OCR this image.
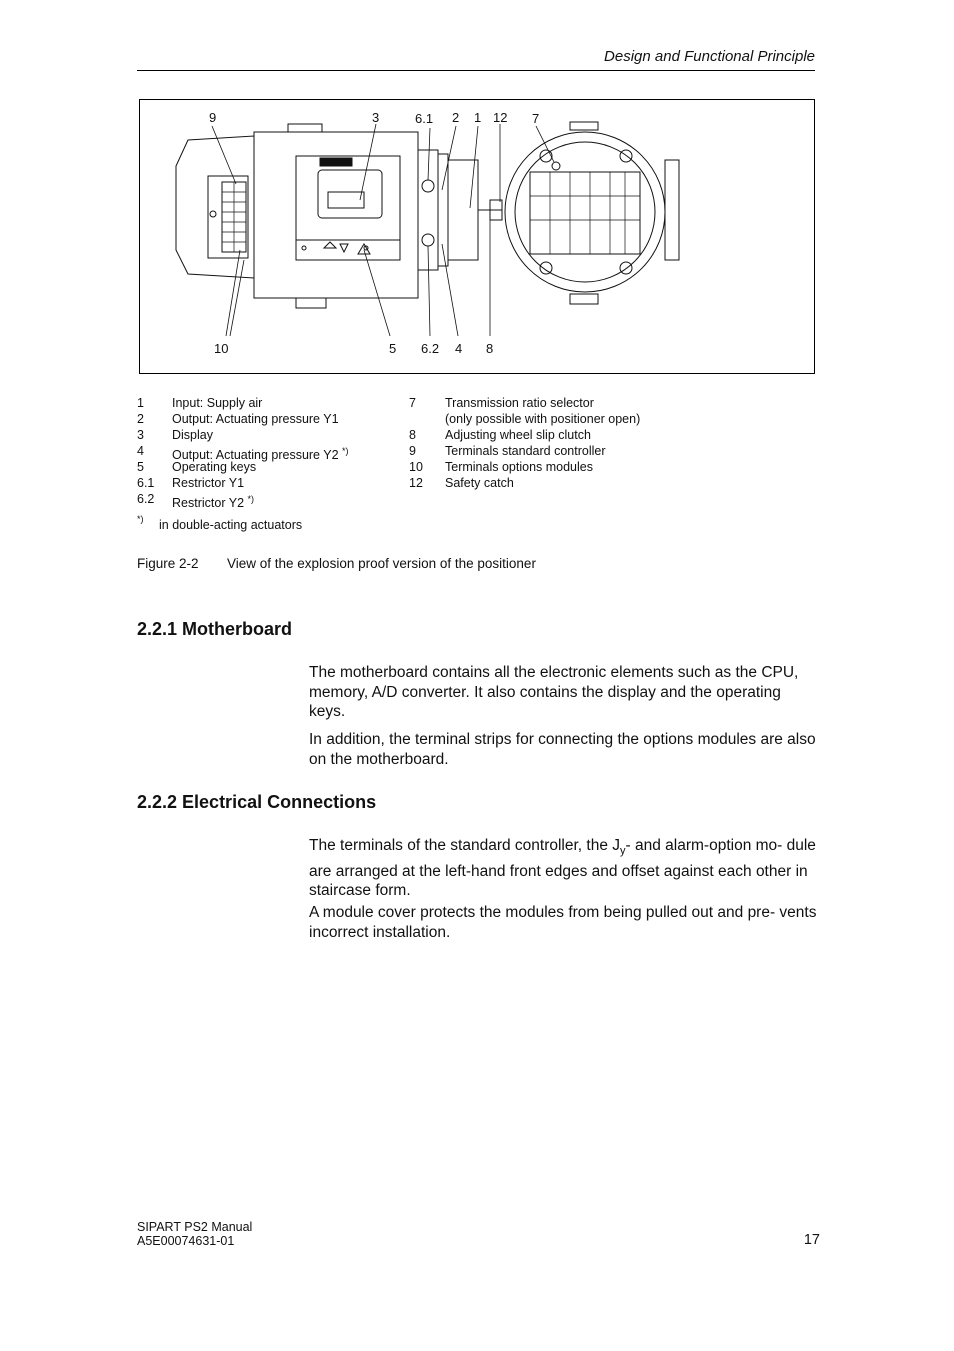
Design and Functional Principle
9	3	6.1 2 1 12 7
10	5 6.2 4 8
1 Input: Supply air
2 Output: Actuating pressure Y1
3 Display
4 Output: Actuating pressure Y2 *)
5 Operating keys
6.1 Restrictor Y1
6.2 Restrictor Y2 *)
7 Transmission ratio selector
(only possible with positioner open)
8 Adjusting wheel slip clutch
9 Terminals standard controller
10 Terminals options modules
12 Safety catch
*) in double‑acting actuators
Figure 2-2 View of the explosion proof version of the positioner
2.2.1 Motherboard

The motherboard contains all the electronic elements such as the CPU, memory, A/D converter. It also contains the display and the operating keys.

In addition, the terminal strips for connecting the options modules are also on the motherboard.

2.2.2 Electrical Connections

The terminals of the standard controller, the $J_y-$ and alarm-option mo- dule are arranged at the left‑hand front edges and offset against each other in staircase form.

A module cover protects the modules from being pulled out and pre- vents incorrect installation.

SIPART PS2 Manual
A5E00074631-01	17
